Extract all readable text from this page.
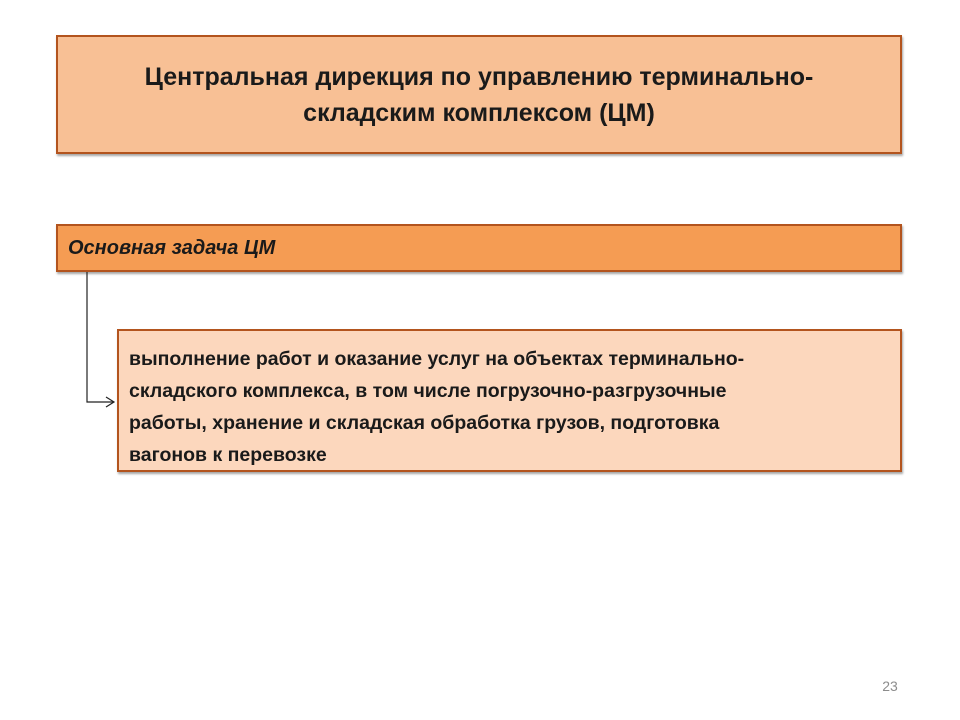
Центральная дирекция по управлению терминально-
складским комплексом (ЦМ)
Основная задача ЦМ
выполнение работ и оказание услуг на объектах терминально-
складского комплекса, в том числе погрузочно-разгрузочные
работы, хранение и складская обработка грузов, подготовка
вагонов к перевозке
23
